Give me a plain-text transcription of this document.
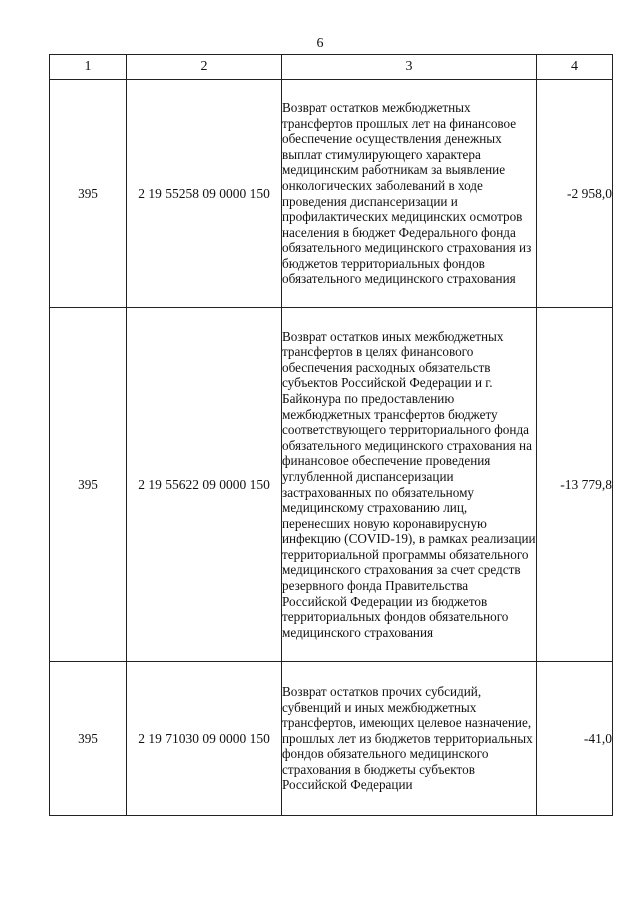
6
1	2	3	4
395	2 19 55258 09 0000 150	Возврат остатков межбюджетных трансфертов прошлых лет на финансовое обеспечение осуществления денежных выплат стимулирующего характера медицинским работникам за выявление онкологических заболеваний в ходе проведения диспансеризации и профилактических медицинских осмотров населения в бюджет Федерального фонда обязательного медицинского страхования из бюджетов территориальных фондов обязательного медицинского страхования	-2 958,0
395	2 19 55622 09 0000 150	Возврат остатков иных межбюджетных трансфертов в целях финансового обеспечения расходных обязательств субъектов Российской Федерации и г. Байконура по предоставлению межбюджетных трансфертов бюджету соответствующего территориального фонда обязательного медицинского страхования на финансовое обеспечение проведения углубленной диспансеризации застрахованных по обязательному медицинскому страхованию лиц, перенесших новую коронавирусную инфекцию (COVID-19), в рамках реализации территориальной программы обязательного медицинского страхования за счет средств резервного фонда Правительства Российской Федерации из бюджетов территориальных фондов обязательного медицинского страхования	-13 779,8
395	2 19 71030 09 0000 150	Возврат остатков прочих субсидий, субвенций и иных межбюджетных трансфертов, имеющих целевое назначение, прошлых лет из бюджетов территориальных фондов обязательного медицинского страхования в бюджеты субъектов Российской Федерации	-41,0
